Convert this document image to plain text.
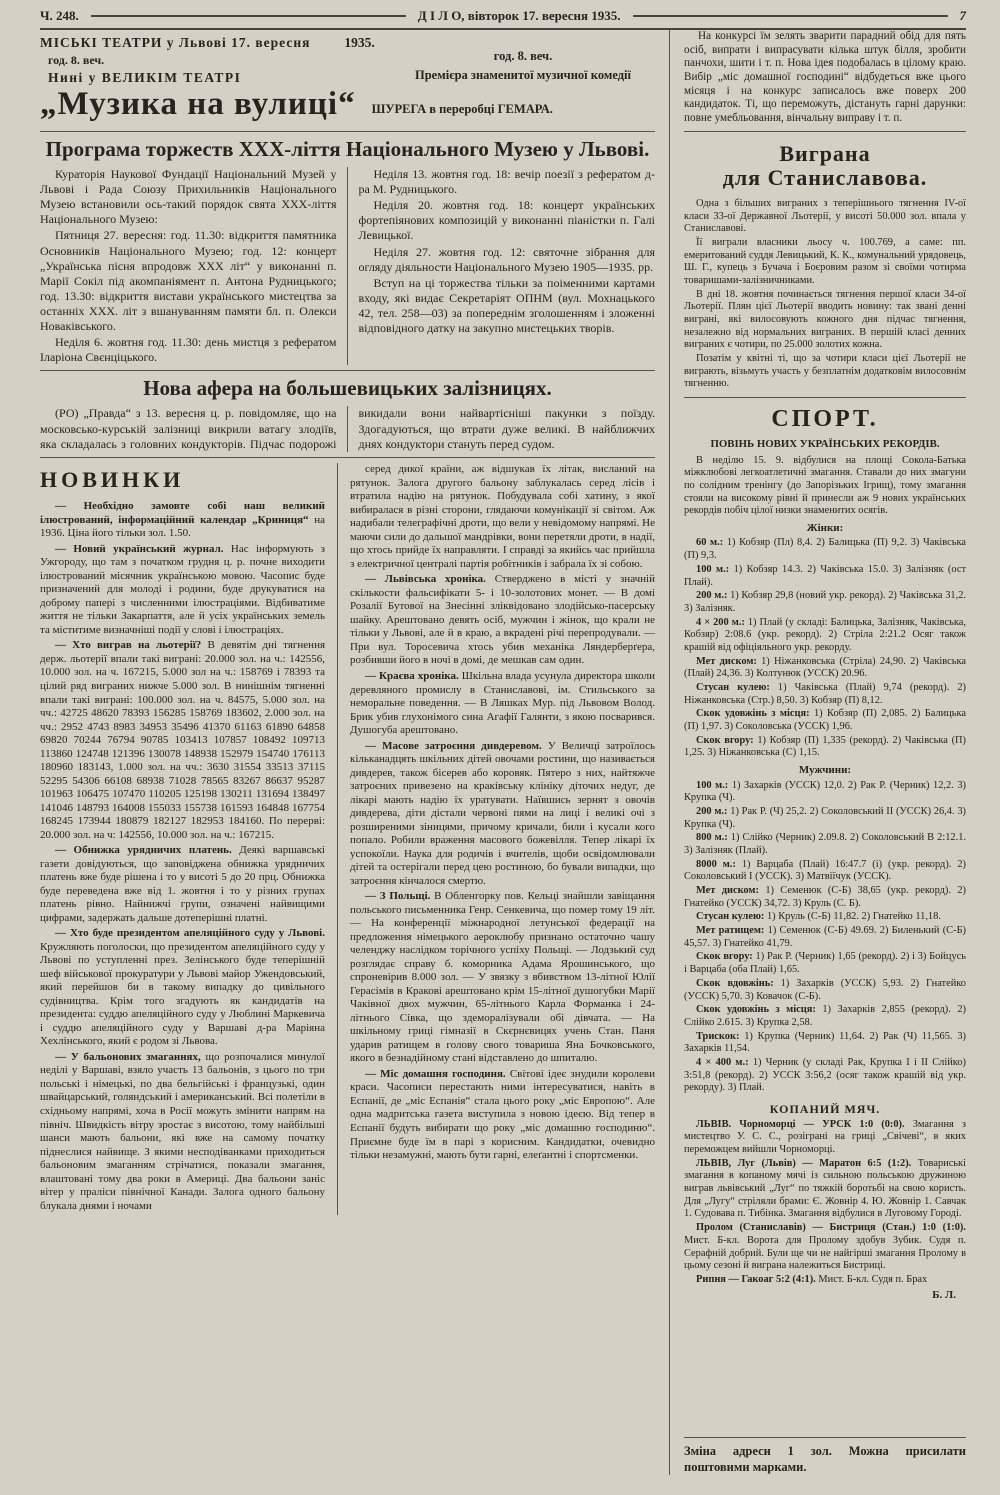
Ч. 248.	Д І Л О, вівторок 17. вересня 1935.	7
МІСЬКІ ТЕАТРИ у Львові 17. вересня	1935.
год. 8. веч.
Нині у ВЕЛИКІМ ТЕАТРІ
год. 8. веч.
Премієра знаменитої музичної комедії
„Музика на вулиці“ ШУРЕГА в переробці ГЕМАРА.
Програма торжеств XXX-ліття Національного Музею у Львові.

Кураторія Наукової Фундації Національний Музей у Львові і Рада Союзу Прихильників Національного Музею встановили ось-такий порядок свята XXX-ліття Національного Музею:

Пятниця 27. вересня: год. 11.30: відкриття памятника Основників Національного Музею; год. 12: концерт „Українська пісня впродовж XXX літ“ у виконанні п. Марії Сокіл під акомпаніямент п. Антона Рудницького; год. 13.30: відкриття вистави українського мистецтва за останніх XXX. літ з вшануванням памяти бл. п. Олекси Новаківського.

Неділя 6. жовтня год. 11.30: день мистця з рефератом Іларіона Свєнціцького.

Неділя 13. жовтня год. 18: вечір поезії з рефератом д-ра М. Рудницького.

Неділя 20. жовтня год. 18: концерт українських фортепіянових композицій у виконанні піаністки п. Галі Левицької.

Неділя 27. жовтня год. 12: святочне зібрання для огляду діяльности Національного Музею 1905—1935. рр.

Вступ на ці торжества тільки за поіменними картами входу, які видає Секретаріят ОПНМ (вул. Мохнацького 42, тел. 258—03) за попереднім зголошенням і зложенні відповідного датку на закупно мистецьких творів.

Нова афера на большевицьких залізницях.

(РО) „Правда“ з 13. вересня ц. р. повідомляє, що на московсько-курській залізниці викрили ватагу злодіїв, яка складалась з головних кондукторів. Підчас подорожі викидали вони найвартісніші пакунки з поїзду. Здогадуються, що втрати дуже великі. В найближчих днях кондуктори стануть перед судом.

НОВИНКИ

— Необхідно замовте собі наш великий ілюстрований, інформаційний календар „Криниця“ на 1936. Ціна його тільки зол. 1.50.

— Новий український журнал. Нас інформують з Ужгороду, що там з початком грудня ц. р. почне виходити ілюстрований місячник українською мовою. Часопис буде призначений для молоді і родини, буде друкуватися на доброму папері з численними ілюстраціями. Відбиватиме життя не тільки Закарпаття, але й усіх українських земель та міститиме визначніші події у слові і ілюстраціях.

— Хто виграв на льотерії? В девятім дні тягнення держ. льотерії впали такі виграні: 20.000 зол. на ч.: 142556, 10.000 зол. на ч. 167215, 5.000 зол на ч.: 158769 і 78393 та цілий ряд виграних нижче 5.000 зол. В нинішнім тягненні впали такі виграні: 100.000 зол. на ч. 84575, 5.000 зол. на чч.: 42725 48620 78393 156285 158769 183602, 2.000 зол. на чч.: 2952 4743 8983 34953 35496 41370 61163 61890 64858 69820 70244 76794 90785 103413 107857 108492 109713 113860 124748 121396 130078 148938 152979 154740 176113 180960 183143, 1.000 зол. на чч.: 3630 31554 33513 37115 52295 54306 66108 68938 71028 78565 83267 86637 95287 101963 106475 107470 110205 125198 130211 131694 138497 141046 148793 164008 155033 155738 161593 164848 167754 168245 173944 180879 182127 182953 184160. По перерві: 20.000 зол. на ч: 142556, 10.000 зол. на ч.: 167215.

— Обнижка урядничих платень. Деякі варшавські газети довідуються, що заповіджена обнижка урядничих платень вже буде рішена і то у висоті 5 до 20 прц. Обнижка буде переведена вже від 1. жовтня і то у різних групах платень рівно. Найнижчі групи, означені найвищими цифрами, задержать дальше дотеперішні платні.

— Хто буде президентом апеляційного суду у Львові. Кружляють поголоски, що президентом апеляційного суду у Львові по уступленні през. Зелінського буде теперішній шеф військової прокуратури у Львові майор Ужендовський, який перейшов би в такому випадку до цивільного судівництва. Крім того згадують як кандидатів на президента: суддю апеляційного суду у Люблині Маркевича і суддю апеляційного суду у Варшаві д-ра Маріяна Хехлінського, який є родом зі Львова.

— У бальонових змаганнях, що розпочалися минулої неділі у Варшаві, взяло участь 13 бальонів, з цього по три польські і німецькі, по два бельгійські і французькі, один швайцарський, голяндський і американський. Всі полетіли в східньому напрямі, хоча в Росії можуть змінити напрям на північ. Швидкість вітру зростає з висотою, тому найбільші шанси мають бальони, які вже на самому початку піднеслися найвище. З якими несподіванками приходиться бальоновим змаганням стрічатися, показали змагання, влаштовані тому два роки в Америці. Два бальони заніс вітер у праліси північної Канади. Залога одного бальону блукала днями і ночами

серед дикої країни, аж відшукав їх літак, висланий на рятунок. Залога другого бальону заблукалась серед лісів і втратила надію на рятунок. Побудувала собі хатину, з якої вибиралася в різні сторони, глядаючи комунікації зі світом. Аж надибали телеграфічні дроти, що вели у невідомому напрямі. Не маючи сили до дальшої мандрівки, вони перетяли дроти, в надії, що хтось прийде їх направляти. І справді за якийсь час прийшла з електричної централі партія робітників і забрала їх зі собою.

— Львівська хроніка. Стверджено в місті у значній скількости фальсифікати 5- і 10-золотових монет. — В домі Розалії Бутової на Знесінні зліквідовано злодійсько-пасерську шайку. Арештовано девять осіб, мужчин і жінок, що крали не тільки у Львові, але й в краю, а вкрадені річі перепродували. — При вул. Торосевича хтось убив механіка Ляндерберґера, розбивши його в ночі в домі, де мешкав сам один.

— Краєва хроніка. Шкільна влада усунула директора школи деревляного промислу в Станиславові, ім. Стильського за неморальне поведення. — В Ляшках Мур. під Львовом Волод. Брик убив глухонімого сина Агафії Галянти, з якою посварився. Душогуба арештовано.

— Масове затроєння дивдеревом. У Величці затроїлось кільканадцять шкільних дітей овочами ростини, що називається дивдерев, також бісерев або коровяк. Пятеро з них, найтяжче затроєних привезено на краківську клініку діточих недуг, де лікарі мають надію їх уратувати. Наївшись зернят з овочів дивдерева, діти дістали червоні пями на лиці і великі очі з розширеними зіницями, причому кричали, били і кусали кого попало. Робили враження масового божевілля. Тепер лікарі їх успокоїли. Наука для родичів і вчителів, щоби освідомлювали дітей та остерігали перед цею ростиною, бо бували випадки, що затроєння кінчалося смертю.

— З Польщі. В Обленгорку пов. Кельці знайшли завіщання польського письменника Генр. Сенкевича, що помер тому 19 літ. — На конференції міжнародної летунської федерації на предложення німецького аероклюбу признано остаточно чашу челенджу наслідком торічного успіху Польщі. — Лодзький суд розглядає справу б. коморника Адама Ярошинського, що спроневірив 8.000 зол. — У звязку з вбивством 13-літної Юлії Герасімів в Кракові арештовано крім 15-літної душогубки Марії Чаківної двох мужчин, 65-літнього Карла Форманка і 24-літнього Сівка, що здеморалізували обі дівчата. — На шкільному гриці гімназії в Скєрнєвицях учень Стан. Паня ударив ратищем в голову свого товариша Яна Бочковського, якого в безнадійному стані відставлено до шпиталю.

— Міс домашня господиня. Світові ідеє знудили королеви краси. Часописи перестають ними інтересуватися, навіть в Еспанії, де „міс Еспанія“ стала цього року „міс Европою“. Але одна мадритська газета виступила з новою ідеєю. Від тепер в Еспанії будуть вибирати що року „міс домашню господиню“. Приємне буде їм в парі з корисним. Кандидатки, очевидно тільки незамужні, мають бути гарні, елеґантні і спортсменки.

На конкурсі їм зелять зварити парадний обід для пять осіб, випрати і випрасувати кілька штук білля, зробити панчохи, шити і т. п. Нова ідея подобалась в цілому краю. Вибір „міс домашної господині“ відбудеться вже цього місяця і на конкурс записалось вже поверх 200 кандидаток. Ті, що переможуть, дістануть гарні дарунки: повне умебльовання, вінчальну виправу і т. п.

Виграна
для Станиславова.

Одна з більших виграних з теперішнього тягнення IV-ої класи 33-ої Державної Льотерії, у висоті 50.000 зол. впала у Станиславові.

Її виграли власники льосу ч. 100.769, а саме: пп. емеритований суддя Левицький, К. К., комунальний урядовець, Ш. Г., купець з Бучача і Боєровим разом зі своїми чотирма товаришами-залізничниками.

В дні 18. жовтня починається тягнення першої класи 34-ої Льотерії. Плян цієї Льотерії вводить новину: так звані денні виграні, які вилосовують кожного дня підчас тягнення, незалежно від нормальних виграних. В першій класі денних виграних є чотири, по 25.000 золотих кожна.

Позатім у квітні ті, що за чотири класи цієї Льотерії не виграють, візьмуть участь у безплатнім додатковім вилосовнім тягненню.

СПОРТ.
ПОВІНЬ НОВИХ УКРАЇНСЬКИХ РЕКОРДІВ.

В неділю 15. 9. відбулися на площі Сокола-Батька міжклюбові легкоатлетичні змагання. Ставали до них змагуни по солідним тренінгу (до Запорізьких Ігрищ), тому змагання стояли на високому рівні й принесли аж 9 нових українських рекордів побіч цілої низки знаменитих осягів.

Жінки:

60 м.: 1) Кобзяр (Пл) 8,4. 2) Балицька (П) 9,2. 3) Чаківська (П) 9,3.

100 м.: 1) Кобзяр 14.3. 2) Чаківська 15.0. 3) Залізняк (ост Плай).

200 м.: 1) Кобзяр 29,8 (новий укр. рекорд). 2) Чаківська 31,2. 3) Залізняк.

4 × 200 м.: 1) Плай (у складі: Балицька, Залізняк, Чаківська, Кобзяр) 2:08.6 (укр. рекорд). 2) Стріла 2:21.2 Осяг також крашій від офіціяльного укр. рекорду.

Мет диском: 1) Ніжанковська (Стріла) 24,90. 2) Чаківська (Плай) 24,36. 3) Колтунюк (УССК) 20.96.

Стусан кулею: 1) Чаківська (Плай) 9,74 (рекорд). 2) Ніжанковська (Стр.) 8,50. 3) Кобзяр (П) 8,12.

Скок удовжінь з місця: 1) Кобзяр (П) 2,085. 2) Балицька (П) 1,97. 3) Соколовська (УССК) 1,96.

Скок вгору: 1) Кобзяр (П) 1,335 (рекорд). 2) Чаківська (П) 1,25. 3) Ніжанковська (С) 1,15.

Мужчини:

100 м.: 1) Захарків (УССК) 12,0. 2) Рак Р. (Черник) 12,2. 3) Крупка (Ч).

200 м.: 1) Рак Р. (Ч) 25,2. 2) Соколовський II (УССК) 26,4. 3) Крупка (Ч).

800 м.: 1) Слійко (Черник) 2.09.8. 2) Соколовський В 2:12.1. 3) Залізняк (Плай).

8000 м.: 1) Варцаба (Плай) 16:47.7 (і) (укр. рекорд). 2) Соколовський І (УССК). 3) Матвіїчук (УССК).

Мет диском: 1) Семенюк (С-Б) 38,65 (укр. рекорд). 2) Гнатейко (УССК) 34,72. 3) Круль (С. Б).

Стусан кулею: 1) Круль (С-Б) 11,82. 2) Гнатейко 11,18.

Мет ратищем: 1) Семенюк (С-Б) 49.69. 2) Биленький (С-Б) 45,57. 3) Гнатейко 41,79.

Скок вгору: 1) Рак Р. (Черник) 1,65 (рекорд). 2) і 3) Бойцусь і Варцаба (оба Плай) 1,65.

Скок вдовжінь: 1) Захарків (УССК) 5,93. 2) Гнатейко (УССК) 5,70. 3) Ковачок (С-Б).

Скок удовжінь з місця: 1) Захарків 2,855 (рекорд). 2) Слійко 2.615. 3) Крупка 2,58.

Трискок: 1) Крупка (Черник) 11,64. 2) Рак (Ч) 11,565. 3) Захарків 11,54.

4 × 400 м.: 1) Черник (у складі Рак, Крупка І і ІІ Слійко) 3:51,8 (рекорд). 2) УССК 3:56,2 (осяг також крашій від укр. рекорду). 3) Плай.

КОПАНИЙ МЯЧ.

ЛЬВІВ. Чорноморці — УРСК 1:0 (0:0). Змагання з мистецтво У. С. С., розіграні на гриці „Свічеві“, в яких переможцем вийшли Чорноморці.

ЛЬВІВ, Луг (Львів) — Маратон 6:5 (1:2). Товариські змагання в копаному мячі із сильною польською дружиною виграв львівський „Луг“ по тяжкій боротьбі на свою користь. Для „Лугу“ стріляли брами: Є. Жовнір 4. Ю. Жовнір 1. Савчак 1. Судовава п. Тибінка. Змагання відбулися в Луговому Городі.

Пролом (Станиславів) — Бистриця (Стан.) 1:0 (1:0). Мист. Б-кл. Ворота для Пролому здобув Зубик. Судя п. Серафній добрий. Були ще чи не найгірші змагання Пролому в цьому сезоні й виграна належиться Бистриці.

Рипня — Гакоаг 5:2 (4:1). Мист. Б-кл. Судя п. Брах

Б. Л.

Зміна адреси 1 зол. Можна присилати поштовими марками.
